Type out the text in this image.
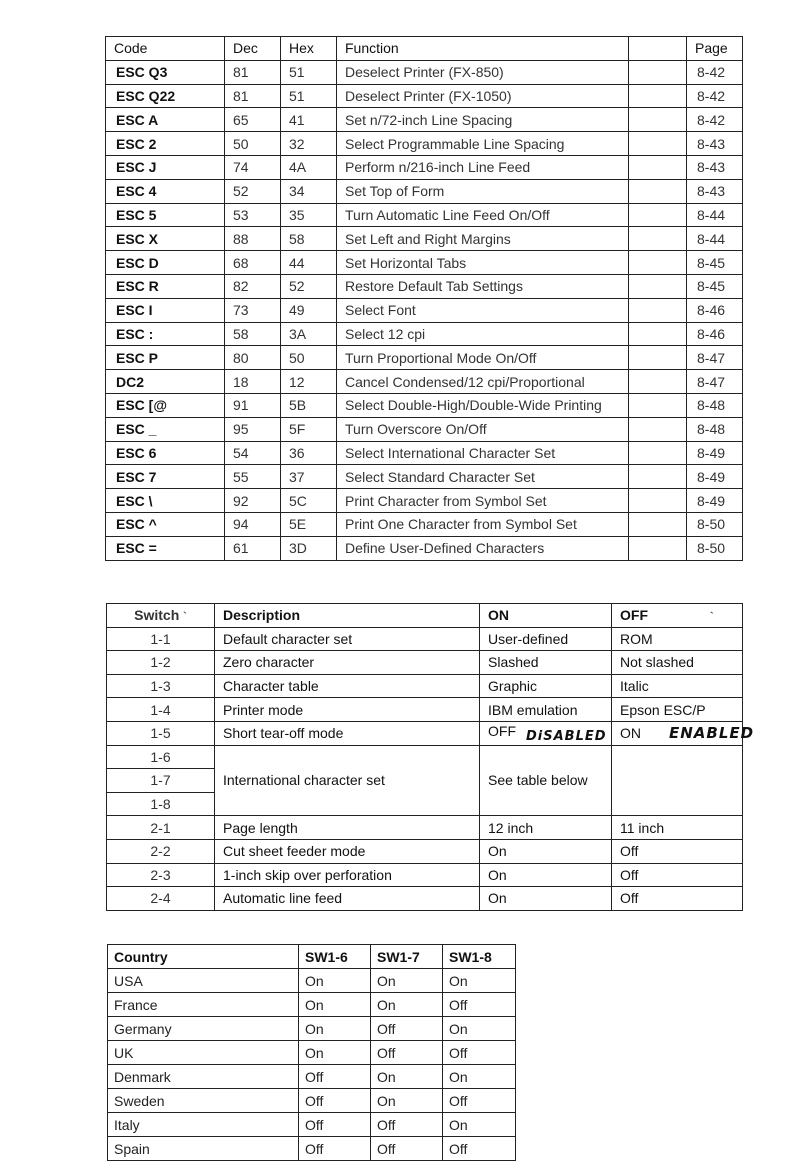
Code	Dec	Hex	Function		Page
ESC Q3	81	51	Deselect Printer (FX-850)		8-42
ESC Q22	81	51	Deselect Printer (FX-1050)		8-42
ESC A	65	41	Set n/72-inch Line Spacing		8-42
ESC 2	50	32	Select Programmable Line Spacing		8-43
ESC J	74	4A	Perform n/216-inch Line Feed		8-43
ESC 4	52	34	Set Top of Form		8-43
ESC 5	53	35	Turn Automatic Line Feed On/Off		8-44
ESC X	88	58	Set Left and Right Margins		8-44
ESC D	68	44	Set Horizontal Tabs		8-45
ESC R	82	52	Restore Default Tab Settings		8-45
ESC I	73	49	Select Font		8-46
ESC :	58	3A	Select 12 cpi		8-46
ESC P	80	50	Turn Proportional Mode On/Off		8-47
DC2	18	12	Cancel Condensed/12 cpi/Proportional		8-47
ESC [@	91	5B	Select Double-High/Double-Wide Printing		8-48
ESC _	95	5F	Turn Overscore On/Off		8-48
ESC 6	54	36	Select International Character Set		8-49
ESC 7	55	37	Select Standard Character Set		8-49
ESC \	92	5C	Print Character from Symbol Set		8-49
ESC ^	94	5E	Print One Character from Symbol Set		8-50
ESC =	61	3D	Define User-Defined Characters		8-50
Switch `	Description	ON	OFF `
1-1	Default character set	User-defined	ROM
1-2	Zero character	Slashed	Not slashed
1-3	Character table	Graphic	Italic
1-4	Printer mode	IBM emulation	Epson ESC/P
1-5	Short tear-off mode	OFF DiSABLED	ON ENABLED
1-6	International character set	See table below	
1-7			
1-8			
2-1	Page length	12 inch	11 inch
2-2	Cut sheet feeder mode	On	Off
2-3	1-inch skip over perforation	On	Off
2-4	Automatic line feed	On	Off
Country	SW1-6	SW1-7	SW1-8
USA	On	On	On
France	On	On	Off
Germany	On	Off	On
UK	On	Off	Off
Denmark	Off	On	On
Sweden	Off	On	Off
Italy	Off	Off	On
Spain	Off	Off	Off
